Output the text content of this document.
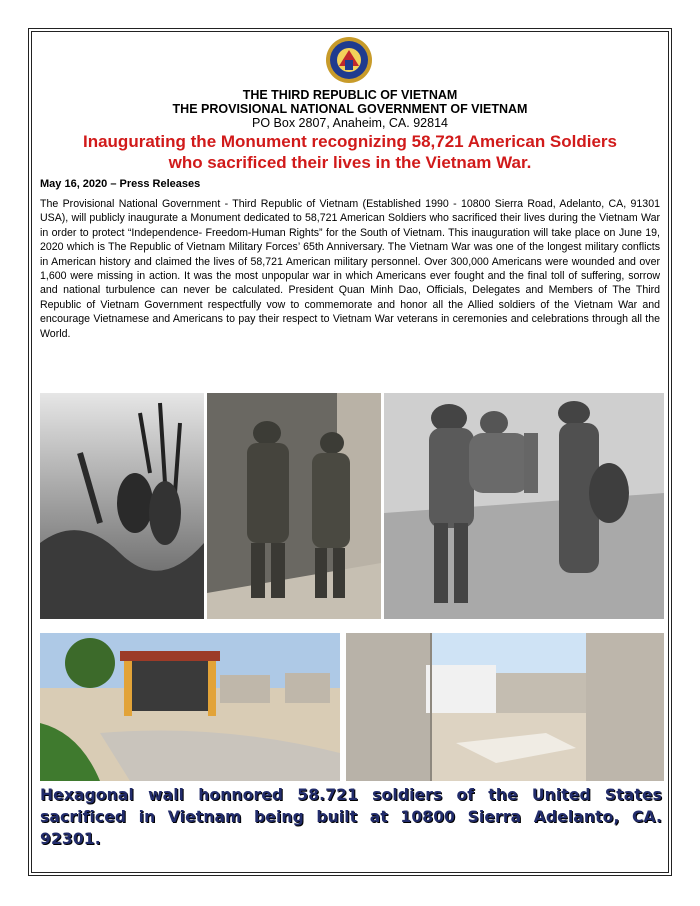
THE THIRD REPUBLIC OF VIETNAM
THE PROVISIONAL NATIONAL GOVERNMENT OF VIETNAM
PO Box 2807, Anaheim, CA. 92814
Inaugurating the Monument recognizing 58,721 American Soldiers
who sacrificed their lives in the Vietnam War.
May 16, 2020 – Press Releases
The Provisional National Government - Third Republic of Vietnam (Established 1990 - 10800 Sierra Road, Adelanto, CA, 91301 USA), will publicly inaugurate a Monument dedicated to 58,721 American Soldiers who sacrificed their lives during the Vietnam War in order to protect “Independence- Freedom-Human Rights” for the South of Vietnam. This inauguration will take place on June 19, 2020 which is The Republic of Vietnam Military Forces’ 65th Anniversary. The Vietnam War was one of the longest military conflicts in American history and claimed the lives of 58,721 American military personnel. Over 300,000 Americans were wounded and over 1,600 were missing in action. It was the most unpopular war in which Americans ever fought and the final toll of suffering, sorrow and national turbulence can never be calculated. President Quan Minh Dao, Officials, Delegates and Members of The Third Republic of Vietnam Government respectfully vow to commemorate and honor all the Allied soldiers of the Vietnam War and encourage Vietnamese and Americans to pay their respect to Vietnam War veterans in ceremonies and celebrations through all the World.
Hexagonal wall honnored 58.721 soldiers of the United States
sacrificed in Vietnam being built at 10800 Sierra Adelanto, CA. 92301.
